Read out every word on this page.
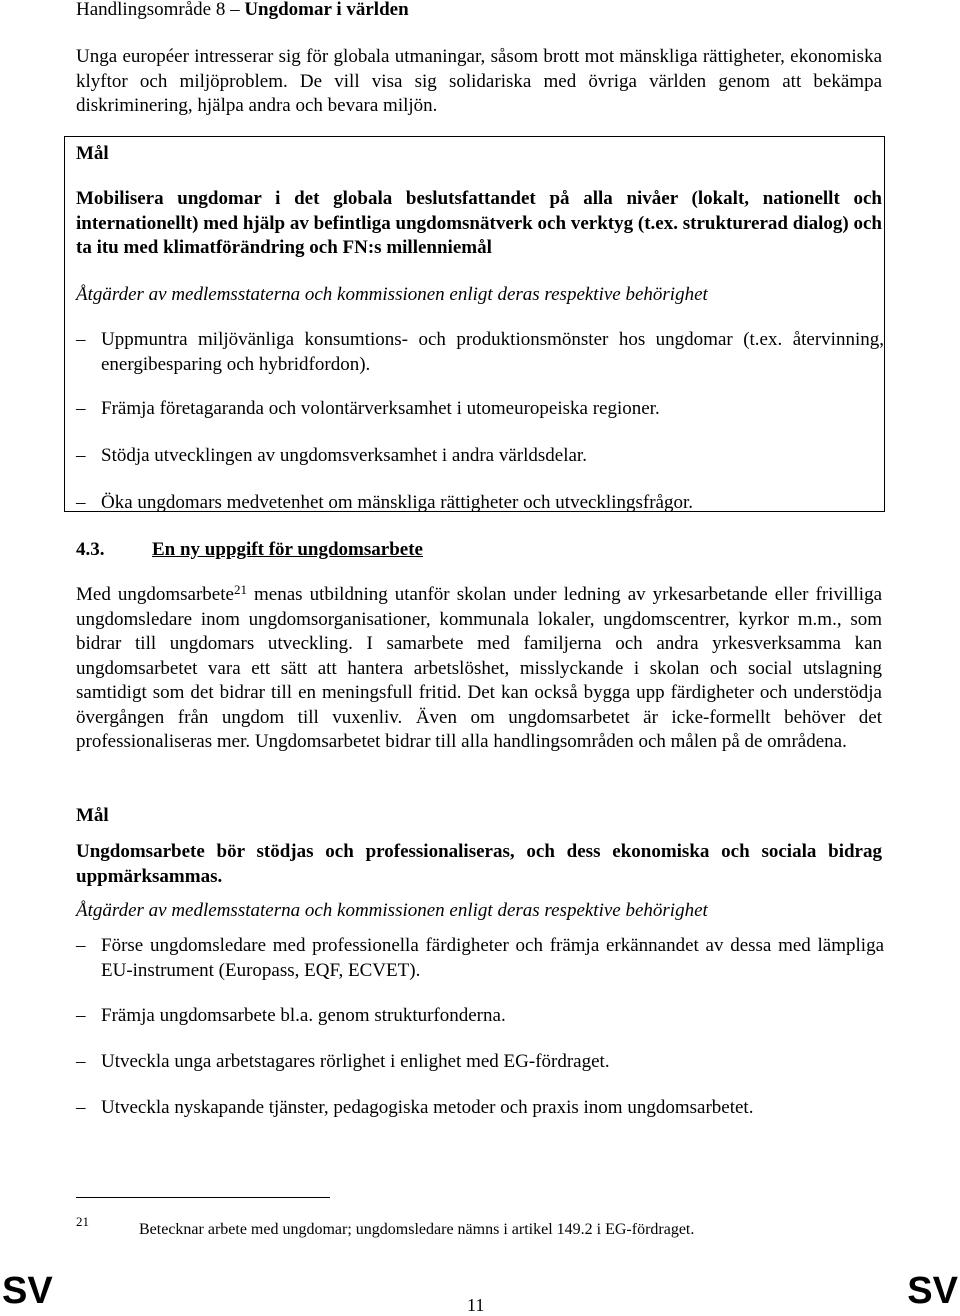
Handlingsområde 8 – Ungdomar i världen
Unga européer intresserar sig för globala utmaningar, såsom brott mot mänskliga rättigheter, ekonomiska klyftor och miljöproblem. De vill visa sig solidariska med övriga världen genom att bekämpa diskriminering, hjälpa andra och bevara miljön.
Mål
Mobilisera ungdomar i det globala beslutsfattandet på alla nivåer (lokalt, nationellt och internationellt) med hjälp av befintliga ungdomsnätverk och verktyg (t.ex. strukturerad dialog) och ta itu med klimatförändring och FN:s millenniemål
Åtgärder av medlemsstaterna och kommissionen enligt deras respektive behörighet
– Uppmuntra miljövänliga konsumtions- och produktionsmönster hos ungdomar (t.ex. återvinning, energibesparing och hybridfordon).
– Främja företagaranda och volontärverksamhet i utomeuropeiska regioner.
– Stödja utvecklingen av ungdomsverksamhet i andra världsdelar.
– Öka ungdomars medvetenhet om mänskliga rättigheter och utvecklingsfrågor.
4.3.	En ny uppgift för ungdomsarbete
Med ungdomsarbete$^{21}$ menas utbildning utanför skolan under ledning av yrkesarbetande eller frivilliga ungdomsledare inom ungdomsorganisationer, kommunala lokaler, ungdomscentrer, kyrkor m.m., som bidrar till ungdomars utveckling. I samarbete med familjerna och andra yrkesverksamma kan ungdomsarbetet vara ett sätt att hantera arbetslöshet, misslyckande i skolan och social utslagning samtidigt som det bidrar till en meningsfull fritid. Det kan också bygga upp färdigheter och understödja övergången från ungdom till vuxenliv. Även om ungdomsarbetet är icke-formellt behöver det professionaliseras mer. Ungdomsarbetet bidrar till alla handlingsområden och målen på de områdena.
Mål
Ungdomsarbete bör stödjas och professionaliseras, och dess ekonomiska och sociala bidrag uppmärksammas.
Åtgärder av medlemsstaterna och kommissionen enligt deras respektive behörighet
– Förse ungdomsledare med professionella färdigheter och främja erkännandet av dessa med lämpliga EU-instrument (Europass, EQF, ECVET).
– Främja ungdomsarbete bl.a. genom strukturfonderna.
– Utveckla unga arbetstagares rörlighet i enlighet med EG-fördraget.
– Utveckla nyskapande tjänster, pedagogiska metoder och praxis inom ungdomsarbetet.
21	Betecknar arbete med ungdomar; ungdomsledare nämns i artikel 149.2 i EG-fördraget.
SV	11	SV
